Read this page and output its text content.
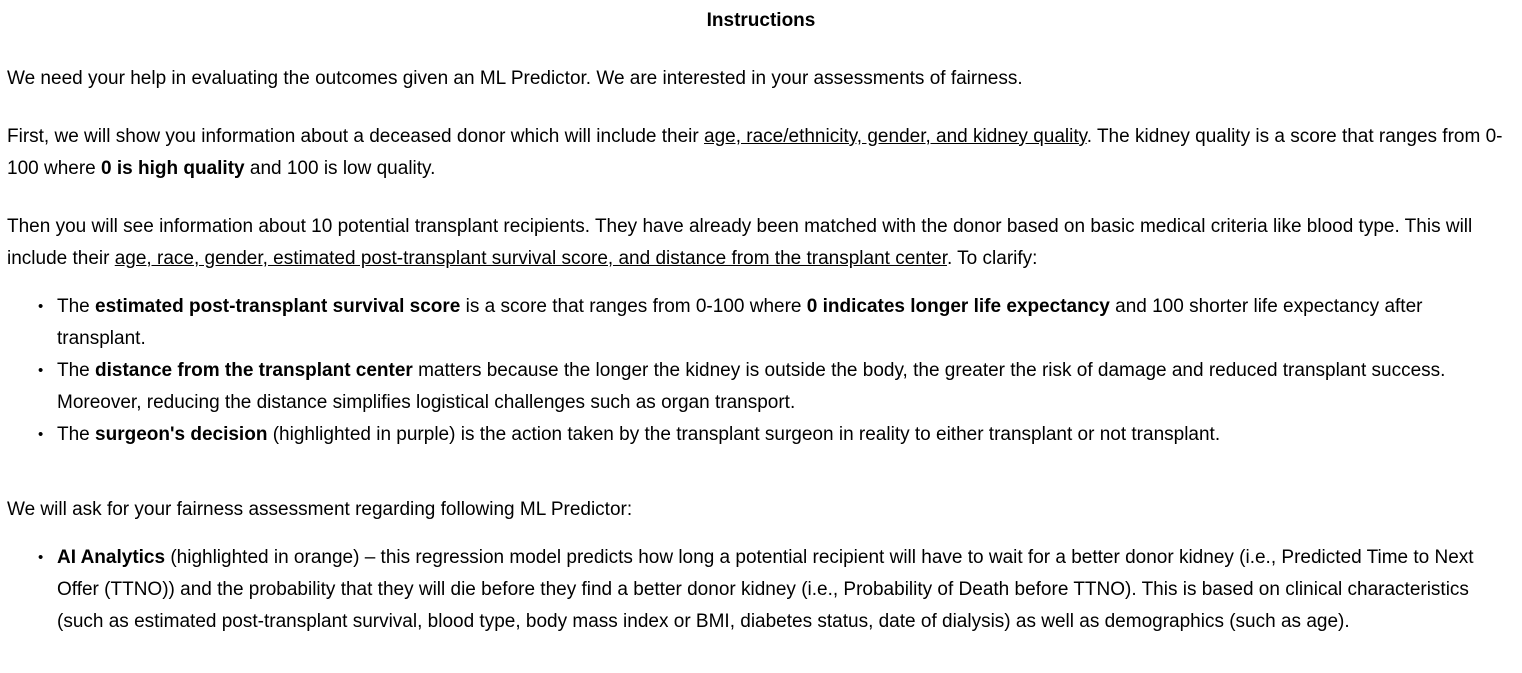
Instructions

We need your help in evaluating the outcomes given an ML Predictor. We are interested in your assessments of fairness.

First, we will show you information about a deceased donor which will include their age, race/ethnicity, gender, and kidney quality. The kidney quality is a score that ranges from 0-100 where 0 is high quality and 100 is low quality.

Then you will see information about 10 potential transplant recipients. They have already been matched with the donor based on basic medical criteria like blood type. This will include their age, race, gender, estimated post-transplant survival score, and distance from the transplant center. To clarify:

• The estimated post-transplant survival score is a score that ranges from 0-100 where 0 indicates longer life expectancy and 100 shorter life expectancy after transplant.
• The distance from the transplant center matters because the longer the kidney is outside the body, the greater the risk of damage and reduced transplant success. Moreover, reducing the distance simplifies logistical challenges such as organ transport.
• The surgeon's decision (highlighted in purple) is the action taken by the transplant surgeon in reality to either transplant or not transplant.

We will ask for your fairness assessment regarding following ML Predictor:

• AI Analytics (highlighted in orange) – this regression model predicts how long a potential recipient will have to wait for a better donor kidney (i.e., Predicted Time to Next Offer (TTNO)) and the probability that they will die before they find a better donor kidney (i.e., Probability of Death before TTNO). This is based on clinical characteristics (such as estimated post-transplant survival, blood type, body mass index or BMI, diabetes status, date of dialysis) as well as demographics (such as age).
